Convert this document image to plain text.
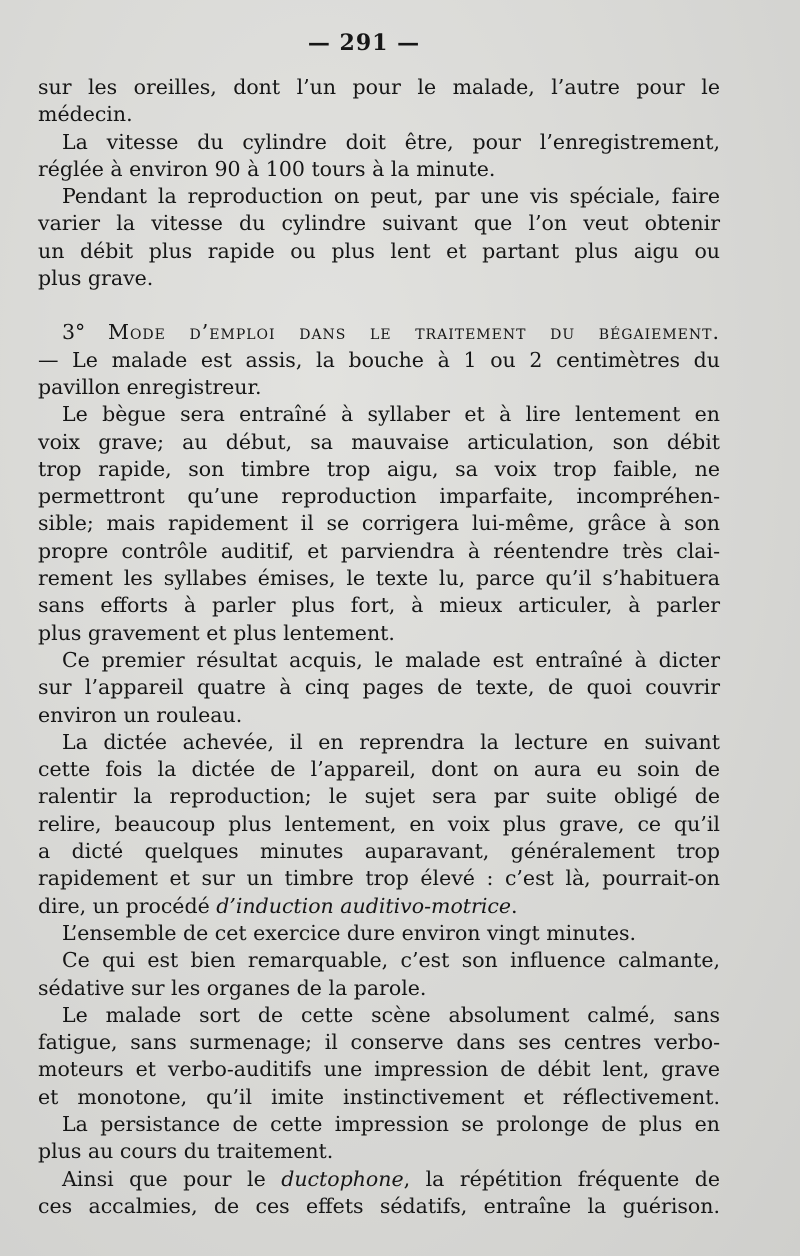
— 291 —
sur les oreilles, dont l’un pour le malade, l’autre pour le
médecin.
La vitesse du cylindre doit être, pour l’enregistrement,
réglée à environ 90 à 100 tours à la minute.
Pendant la reproduction on peut, par une vis spéciale, faire
varier la vitesse du cylindre suivant que l’on veut obtenir
un débit plus rapide ou plus lent et partant plus aigu ou
plus grave.
3° Mode d’emploi dans le traitement du bégaiement.
— Le malade est assis, la bouche à 1 ou 2 centimètres du
pavillon enregistreur.
Le bègue sera entraîné à syllaber et à lire lentement en
voix grave; au début, sa mauvaise articulation, son débit
trop rapide, son timbre trop aigu, sa voix trop faible, ne
permettront qu’une reproduction imparfaite, incompréhen-
sible; mais rapidement il se corrigera lui-même, grâce à son
propre contrôle auditif, et parviendra à réentendre très clai-
rement les syllabes émises, le texte lu, parce qu’il s’habituera
sans efforts à parler plus fort, à mieux articuler, à parler
plus gravement et plus lentement.
Ce premier résultat acquis, le malade est entraîné à dicter
sur l’appareil quatre à cinq pages de texte, de quoi couvrir
environ un rouleau.
La dictée achevée, il en reprendra la lecture en suivant
cette fois la dictée de l’appareil, dont on aura eu soin de
ralentir la reproduction; le sujet sera par suite obligé de
relire, beaucoup plus lentement, en voix plus grave, ce qu’il
a dicté quelques minutes auparavant, généralement trop
rapidement et sur un timbre trop élevé : c’est là, pourrait-on
dire, un procédé d’induction auditivo-motrice.
L’ensemble de cet exercice dure environ vingt minutes.
Ce qui est bien remarquable, c’est son influence calmante,
sédative sur les organes de la parole.
Le malade sort de cette scène absolument calmé, sans
fatigue, sans surmenage; il conserve dans ses centres verbo-
moteurs et verbo-auditifs une impression de débit lent, grave
et monotone, qu’il imite instinctivement et réflectivement.
La persistance de cette impression se prolonge de plus en
plus au cours du traitement.
Ainsi que pour le ductophone, la répétition fréquente de
ces accalmies, de ces effets sédatifs, entraîne la guérison.
